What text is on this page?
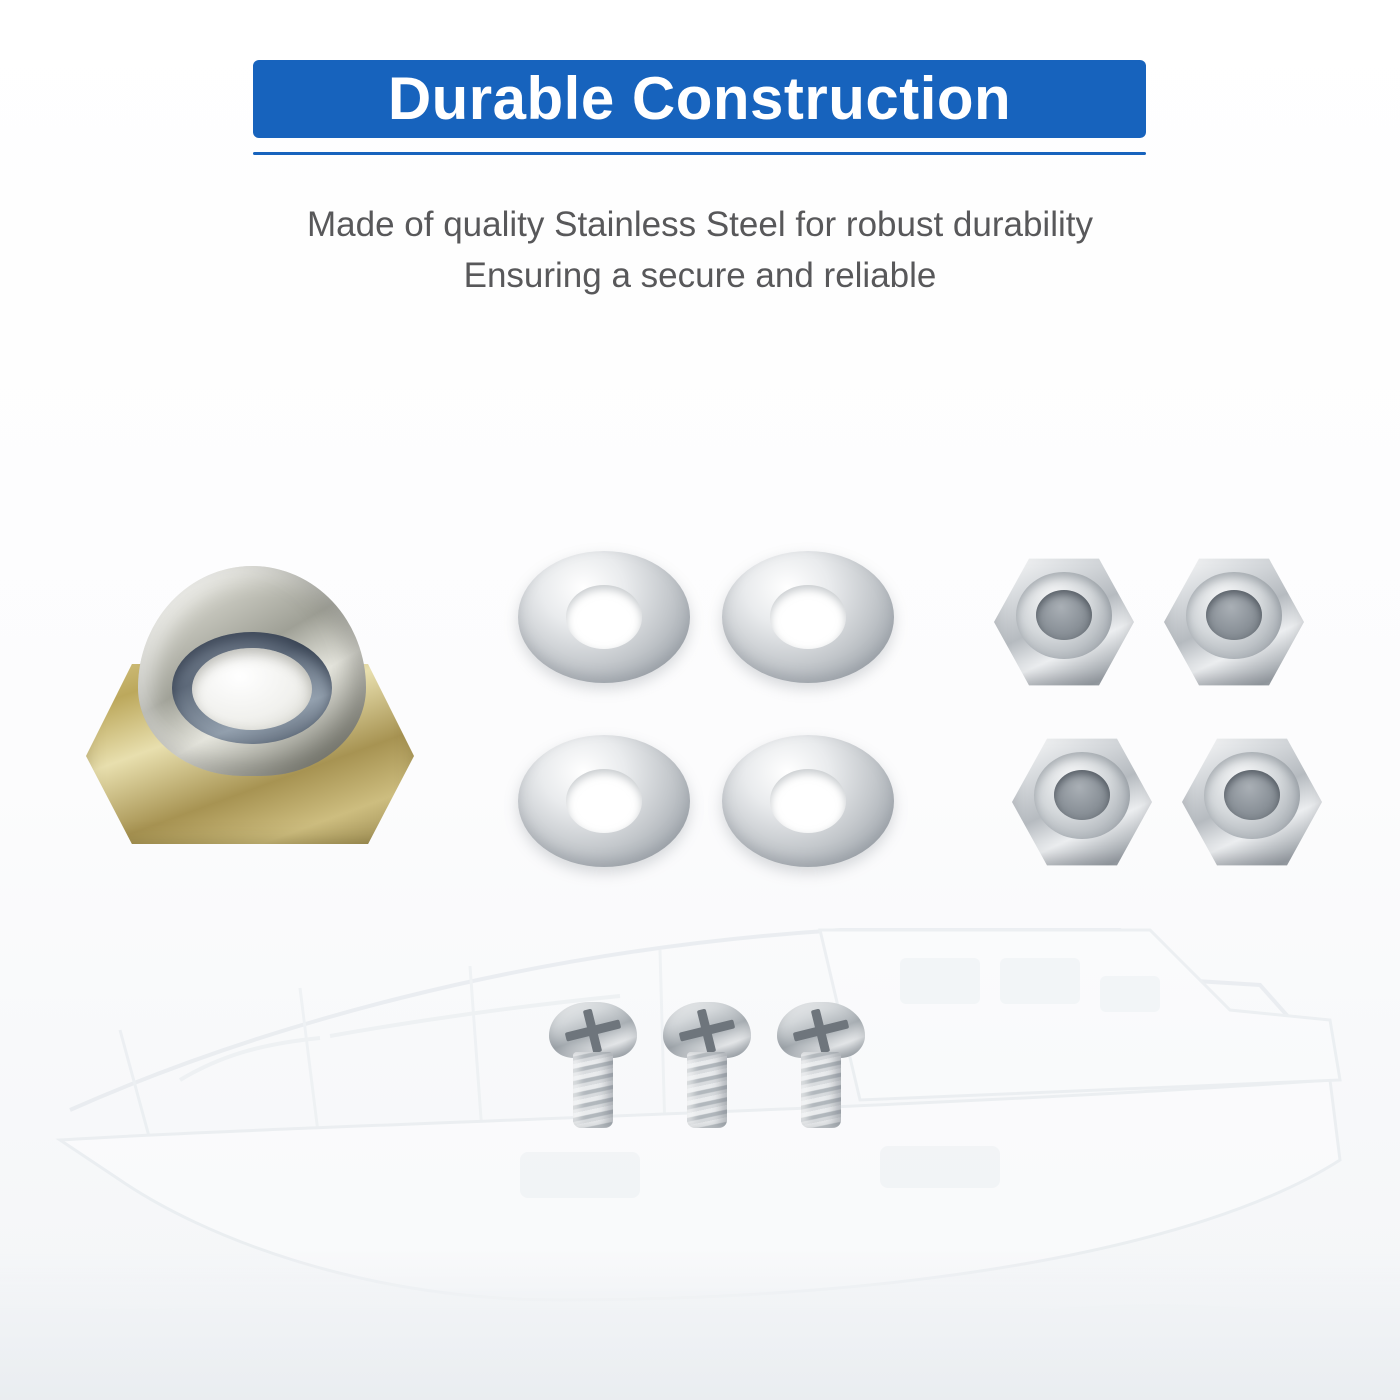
Durable Construction
Made of quality Stainless Steel for robust durability
Ensuring a secure and reliable
